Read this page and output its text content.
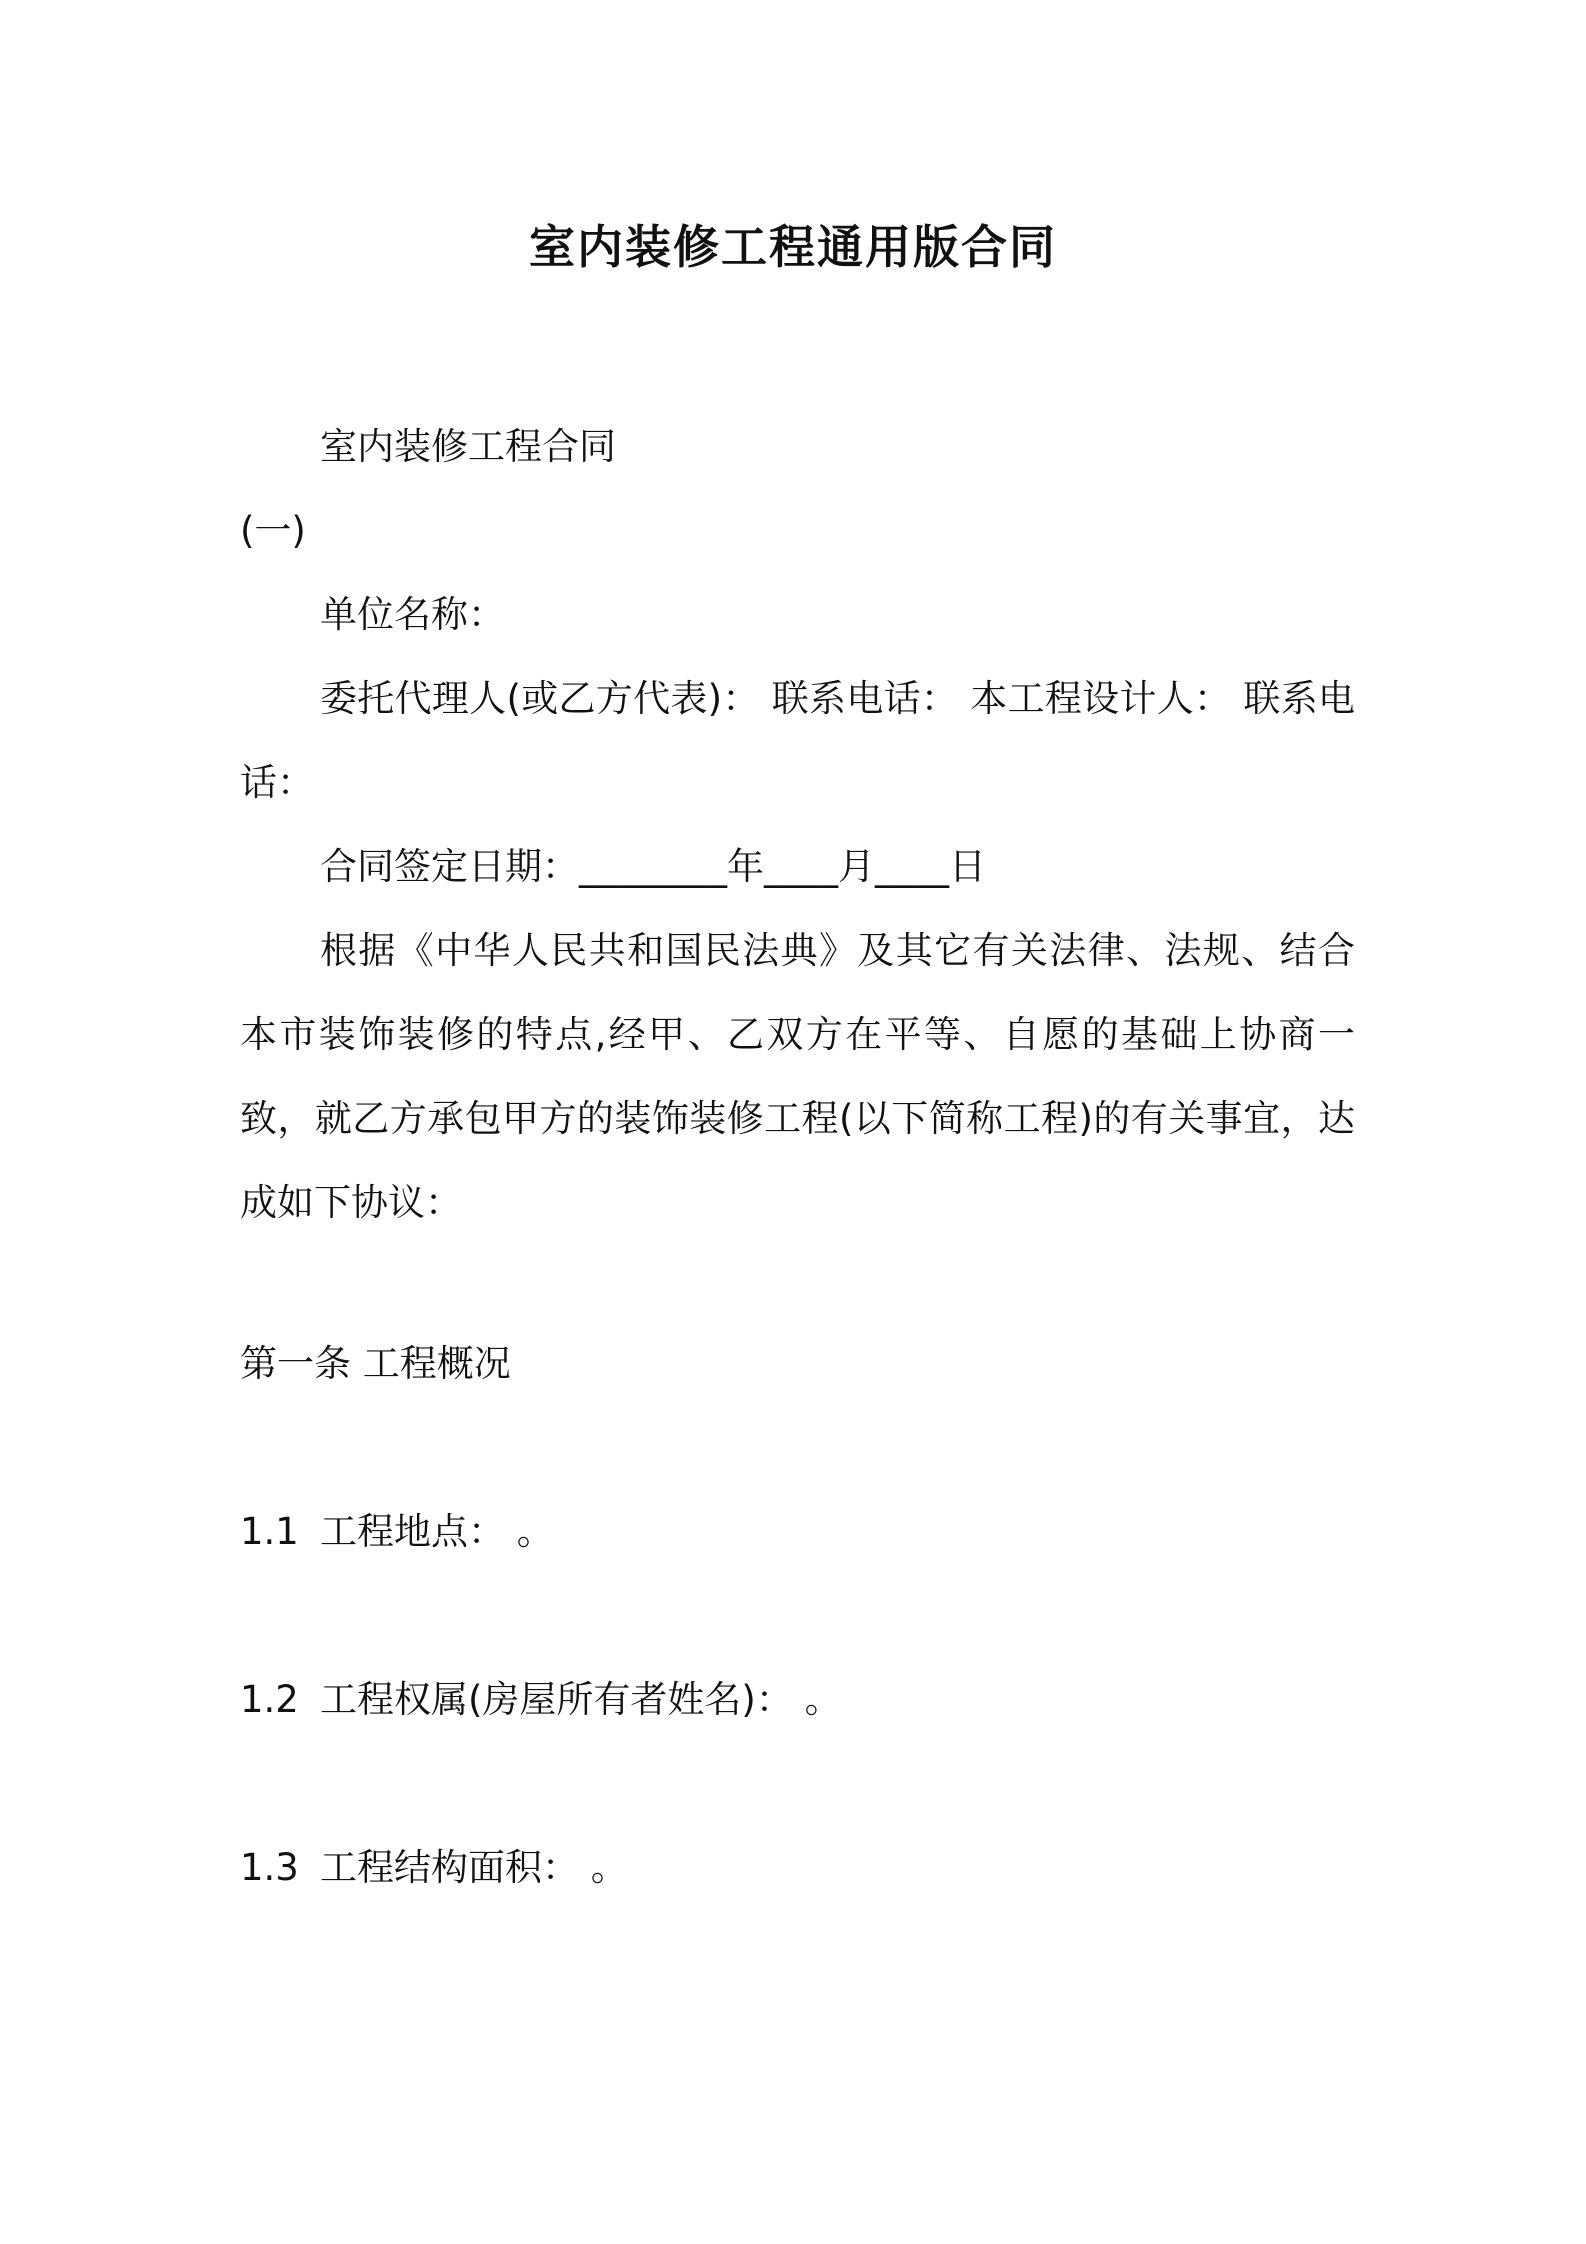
室内装修工程通用版合同

室内装修工程合同

(一)

单位名称：

委托代理人(或乙方代表)： 联系电话： 本工程设计人： 联系电话：

合同签定日期：________年____月____日

根据《中华人民共和国民法典》及其它有关法律、法规、结合本市装饰装修的特点,经甲、乙双方在平等、自愿的基础上协商一致，就乙方承包甲方的装饰装修工程(以下简称工程)的有关事宜，达成如下协议：

第一条 工程概况

1.1 工程地点： 。

1.2 工程权属(房屋所有者姓名)： 。

1.3 工程结构面积： 。
